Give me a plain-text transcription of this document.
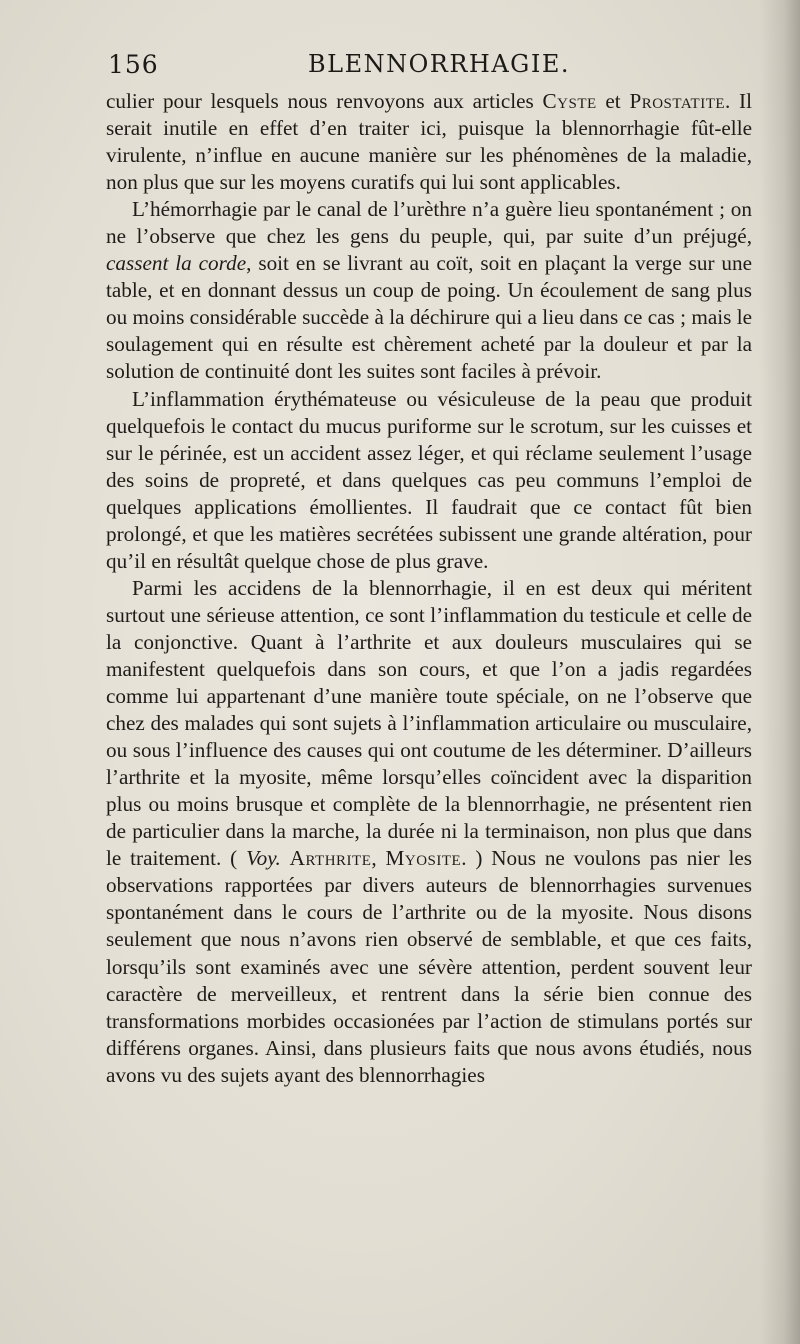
156	BLENNORRHAGIE.

culier pour lesquels nous renvoyons aux articles Cyste et Prostatite. Il serait inutile en effet d’en traiter ici, puisque la blennorrhagie fût-elle virulente, n’influe en aucune manière sur les phénomènes de la maladie, non plus que sur les moyens curatifs qui lui sont applicables.

L’hémorrhagie par le canal de l’urèthre n’a guère lieu spontanément ; on ne l’observe que chez les gens du peuple, qui, par suite d’un préjugé, cassent la corde, soit en se livrant au coït, soit en plaçant la verge sur une table, et en donnant dessus un coup de poing. Un écoulement de sang plus ou moins considérable succède à la déchirure qui a lieu dans ce cas ; mais le soulagement qui en résulte est chèrement acheté par la douleur et par la solution de continuité dont les suites sont faciles à prévoir.

L’inflammation érythémateuse ou vésiculeuse de la peau que produit quelquefois le contact du mucus puriforme sur le scrotum, sur les cuisses et sur le périnée, est un accident assez léger, et qui réclame seulement l’usage des soins de propreté, et dans quelques cas peu communs l’emploi de quelques applications émollientes. Il faudrait que ce contact fût bien prolongé, et que les matières secrétées subissent une grande altération, pour qu’il en résultât quelque chose de plus grave.

Parmi les accidens de la blennorrhagie, il en est deux qui méritent surtout une sérieuse attention, ce sont l’inflammation du testicule et celle de la conjonctive. Quant à l’arthrite et aux douleurs musculaires qui se manifestent quelquefois dans son cours, et que l’on a jadis regardées comme lui appartenant d’une manière toute spéciale, on ne l’observe que chez des malades qui sont sujets à l’inflammation articulaire ou musculaire, ou sous l’influence des causes qui ont coutume de les déterminer. D’ailleurs l’arthrite et la myosite, même lorsqu’elles coïncident avec la disparition plus ou moins brusque et complète de la blennorrhagie, ne présentent rien de particulier dans la marche, la durée ni la terminaison, non plus que dans le traitement. ( Voy. Arthrite, Myosite. ) Nous ne voulons pas nier les observations rapportées par divers auteurs de blennorrhagies survenues spontanément dans le cours de l’arthrite ou de la myosite. Nous disons seulement que nous n’avons rien observé de semblable, et que ces faits, lorsqu’ils sont examinés avec une sévère attention, perdent souvent leur caractère de merveilleux, et rentrent dans la série bien connue des transformations morbides occasionées par l’action de stimulans portés sur différens organes. Ainsi, dans plusieurs faits que nous avons étudiés, nous avons vu des sujets ayant des blennorrhagies
